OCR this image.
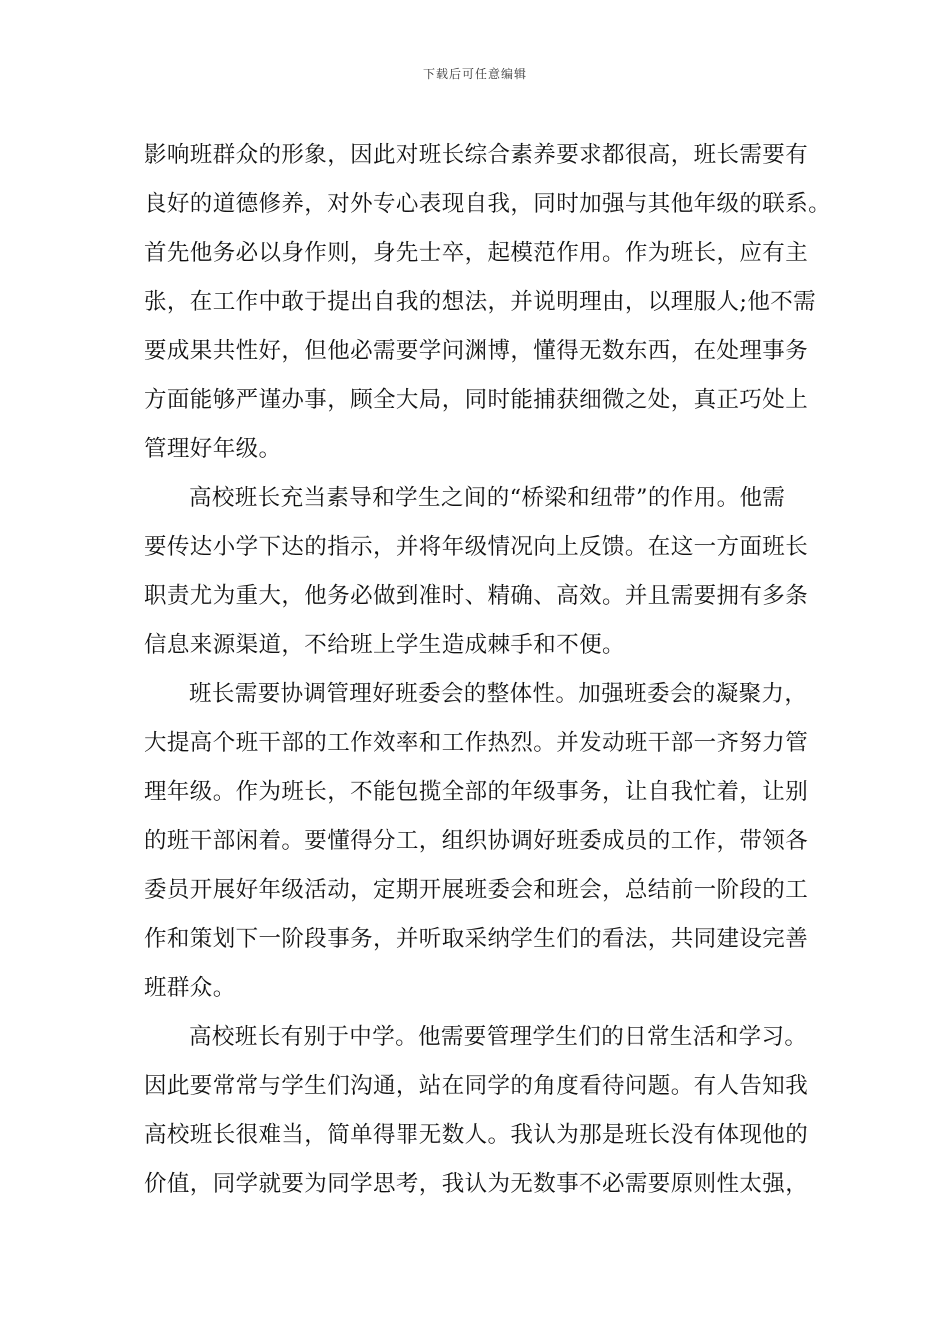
下载后可任意编辑
影响班群众的形象，因此对班长综合素养要求都很高，班长需要有
良好的道德修养，对外专心表现自我，同时加强与其他年级的联系。
首先他务必以身作则，身先士卒，起模范作用。作为班长，应有主
张，在工作中敢于提出自我的想法，并说明理由，以理服人;他不需
要成果共性好，但他必需要学问渊博，懂得无数东西，在处理事务
方面能够严谨办事，顾全大局，同时能捕获细微之处，真正巧处上
管理好年级。
高校班长充当素导和学生之间的“桥梁和纽带”的作用。他需
要传达小学下达的指示，并将年级情况向上反馈。在这一方面班长
职责尤为重大，他务必做到准时、精确、高效。并且需要拥有多条
信息来源渠道，不给班上学生造成棘手和不便。
班长需要协调管理好班委会的整体性。加强班委会的凝聚力，
大提高个班干部的工作效率和工作热烈。并发动班干部一齐努力管
理年级。作为班长，不能包揽全部的年级事务，让自我忙着，让别
的班干部闲着。要懂得分工，组织协调好班委成员的工作，带领各
委员开展好年级活动，定期开展班委会和班会，总结前一阶段的工
作和策划下一阶段事务，并听取采纳学生们的看法，共同建设完善
班群众。
高校班长有别于中学。他需要管理学生们的日常生活和学习。
因此要常常与学生们沟通，站在同学的角度看待问题。有人告知我
高校班长很难当，简单得罪无数人。我认为那是班长没有体现他的
价值，同学就要为同学思考，我认为无数事不必需要原则性太强，
